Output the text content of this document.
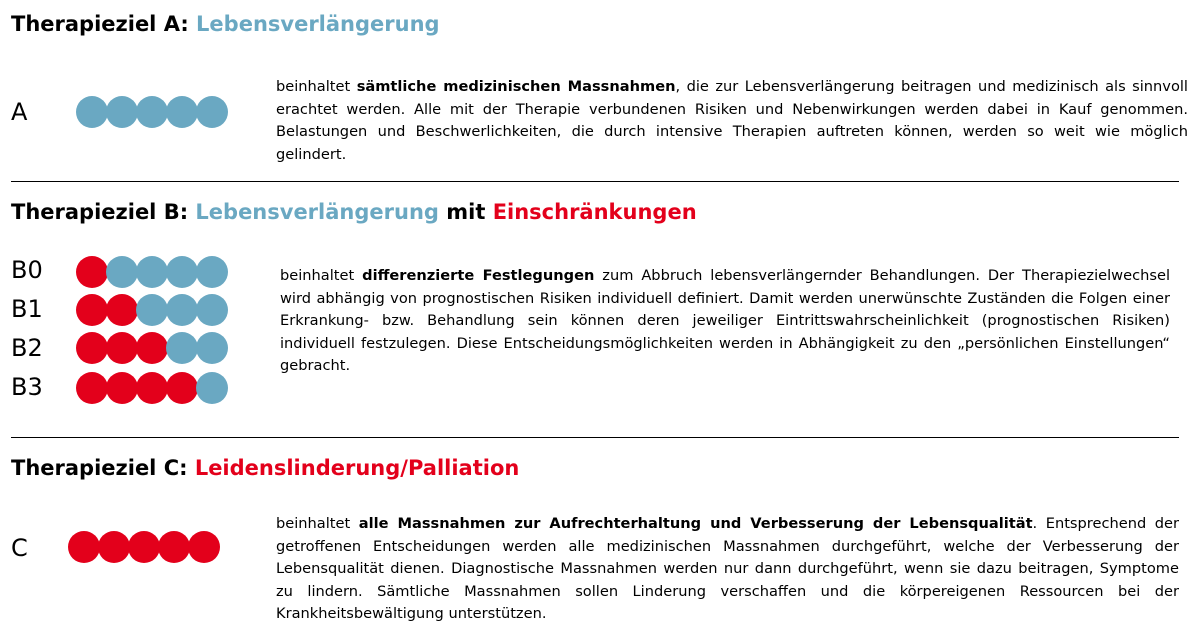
Therapieziel A: Lebensverlängerung
A
beinhaltet sämtliche medizinischen Massnahmen, die zur Lebensverlängerung beitragen und medizinisch als sinnvoll erachtet werden. Alle mit der Therapie verbundenen Risiken und Nebenwirkungen werden dabei in Kauf genommen. Belastungen und Beschwerlichkeiten, die durch intensive Therapien auftreten können, werden so weit wie möglich gelindert.
Therapieziel B: Lebensverlängerung mit Einschränkungen
B0
B1
B2
B3
beinhaltet differenzierte Festlegungen zum Abbruch lebensverlängernder Behandlungen. Der Therapiezielwechsel wird abhängig von prognostischen Risiken individuell definiert. Damit werden unerwünschte Zuständen die Folgen einer Erkrankung- bzw. Behandlung sein können deren jeweiliger Eintrittswahrscheinlichkeit (prognostischen Risiken) individuell festzulegen. Diese Entscheidungsmöglichkeiten werden in Abhängigkeit zu den „persönlichen Einstellungen“ gebracht.
Therapieziel C: Leidenslinderung/Palliation
C
beinhaltet alle Massnahmen zur Aufrechterhaltung und Verbesserung der Lebensqualität. Entsprechend der getroffenen Entscheidungen werden alle medizinischen Massnahmen durchgeführt, welche der Verbesserung der Lebensqualität dienen. Diagnostische Massnahmen werden nur dann durchgeführt, wenn sie dazu beitragen, Symptome zu lindern. Sämtliche Massnahmen sollen Linderung verschaffen und die körpereigenen Ressourcen bei der Krankheitsbewältigung unterstützen.
